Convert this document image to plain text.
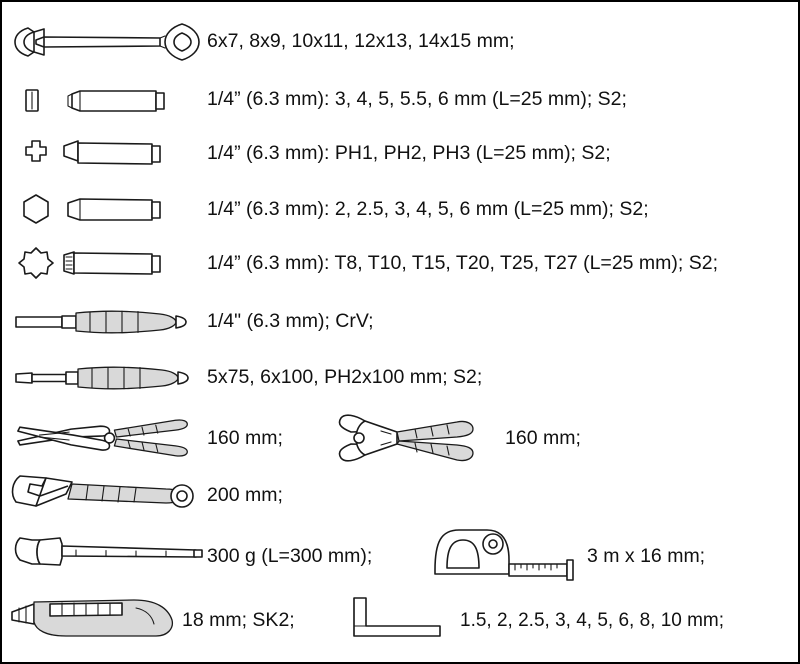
6x7, 8x9, 10x11, 12x13, 14x15 mm;
1/4” (6.3 mm): 3, 4, 5, 5.5, 6 mm (L=25 mm); S2;
1/4” (6.3 mm): PH1, PH2, PH3 (L=25 mm); S2;
1/4” (6.3 mm): 2, 2.5, 3, 4, 5, 6 mm (L=25 mm); S2;
1/4” (6.3 mm): T8, T10, T15, T20, T25, T27 (L=25 mm); S2;
1/4" (6.3 mm); CrV;
5x75, 6x100, PH2x100 mm; S2;
160 mm;	160 mm;
200 mm;
300 g (L=300 mm);	3 m x 16 mm;
18 mm; SK2;	1.5, 2, 2.5, 3, 4, 5, 6, 8, 10 mm;
